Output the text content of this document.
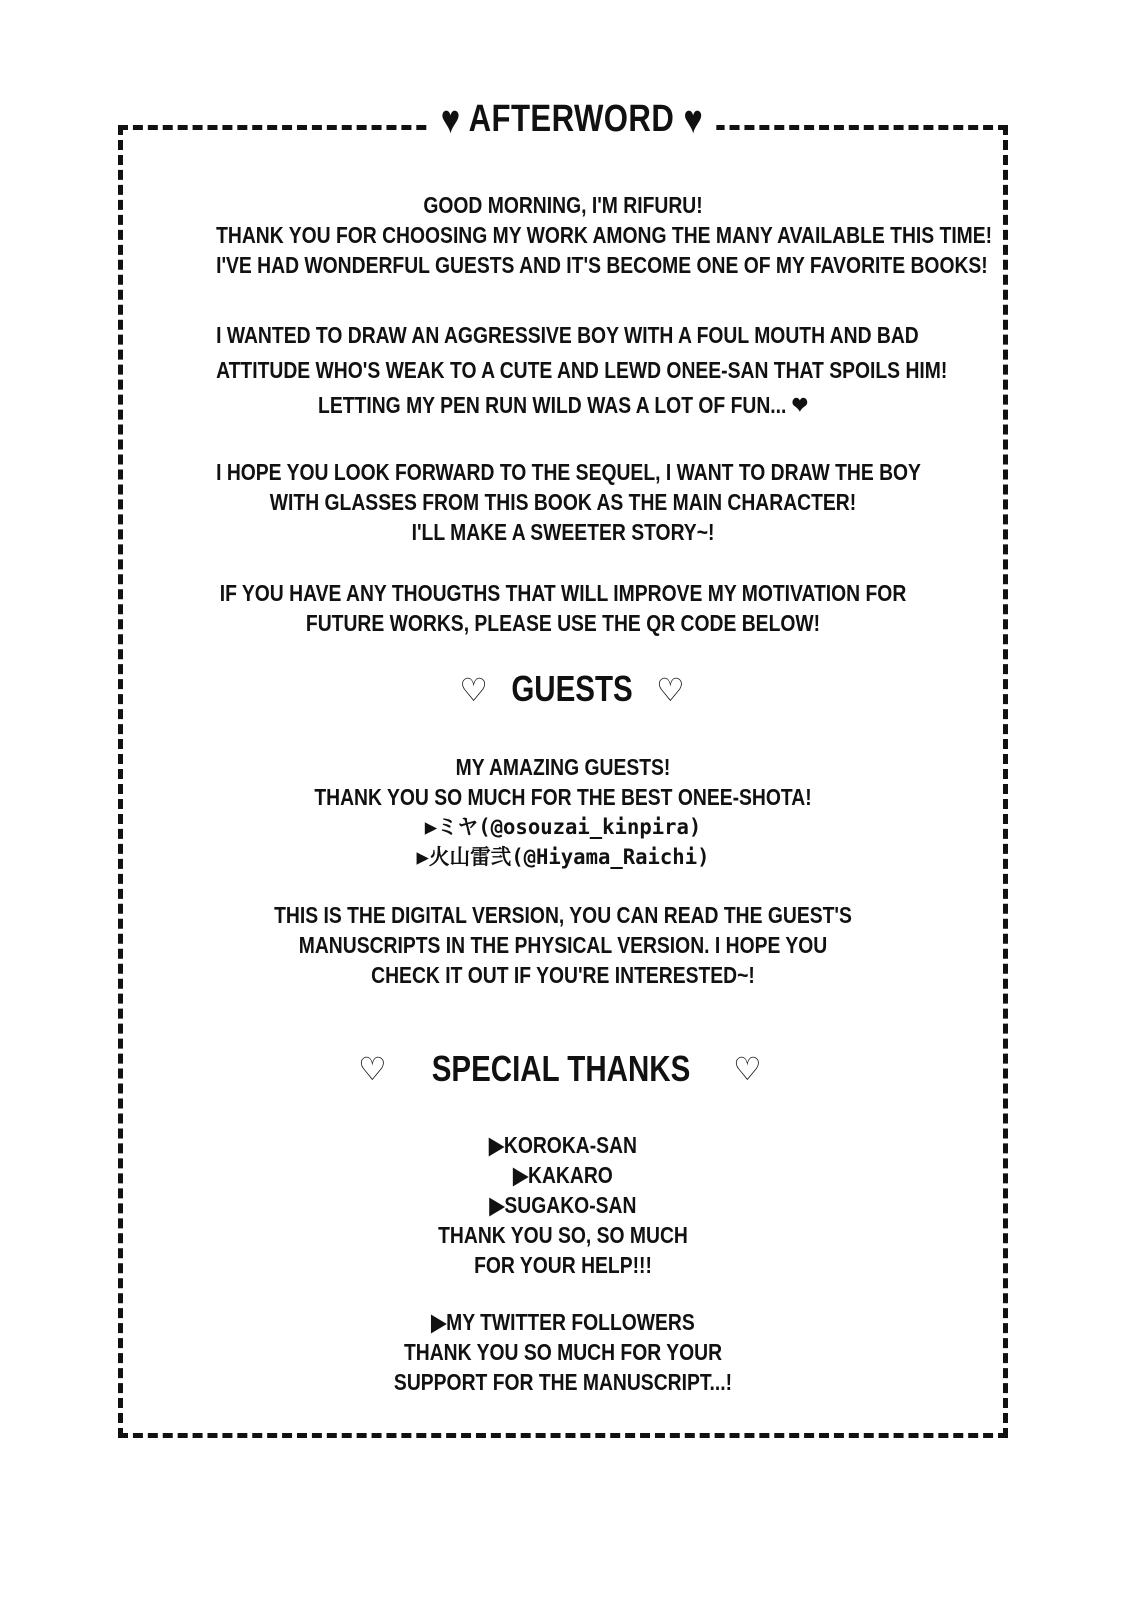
♥ AFTERWORD ♥
GOOD MORNING, I'M RIFURU!
THANK YOU FOR CHOOSING MY WORK AMONG THE MANY AVAILABLE THIS TIME!
I'VE HAD WONDERFUL GUESTS AND IT'S BECOME ONE OF MY FAVORITE BOOKS!
I WANTED TO DRAW AN AGGRESSIVE BOY WITH A FOUL MOUTH AND BAD
ATTITUDE WHO'S WEAK TO A CUTE AND LEWD ONEE-SAN THAT SPOILS HIM!
LETTING MY PEN RUN WILD WAS A LOT OF FUN... ❤
I HOPE YOU LOOK FORWARD TO THE SEQUEL, I WANT TO DRAW THE BOY
WITH GLASSES FROM THIS BOOK AS THE MAIN CHARACTER!
I'LL MAKE A SWEETER STORY~!
IF YOU HAVE ANY THOUGTHS THAT WILL IMPROVE MY MOTIVATION FOR
FUTURE WORKS, PLEASE USE THE QR CODE BELOW!
♡ GUESTS ♡
MY AMAZING GUESTS!
THANK YOU SO MUCH FOR THE BEST ONEE-SHOTA!
▶ミヤ(@osouzai_kinpira)
▶火山雷弐(@Hiyama_Raichi)
THIS IS THE DIGITAL VERSION, YOU CAN READ THE GUEST'S
MANUSCRIPTS IN THE PHYSICAL VERSION. I HOPE YOU
CHECK IT OUT IF YOU'RE INTERESTED~!
♡	SPECIAL THANKS	♡
▶KOROKA-SAN
▶KAKARO
▶SUGAKO-SAN
THANK YOU SO, SO MUCH
FOR YOUR HELP!!!
▶MY TWITTER FOLLOWERS
THANK YOU SO MUCH FOR YOUR
SUPPORT FOR THE MANUSCRIPT...!
